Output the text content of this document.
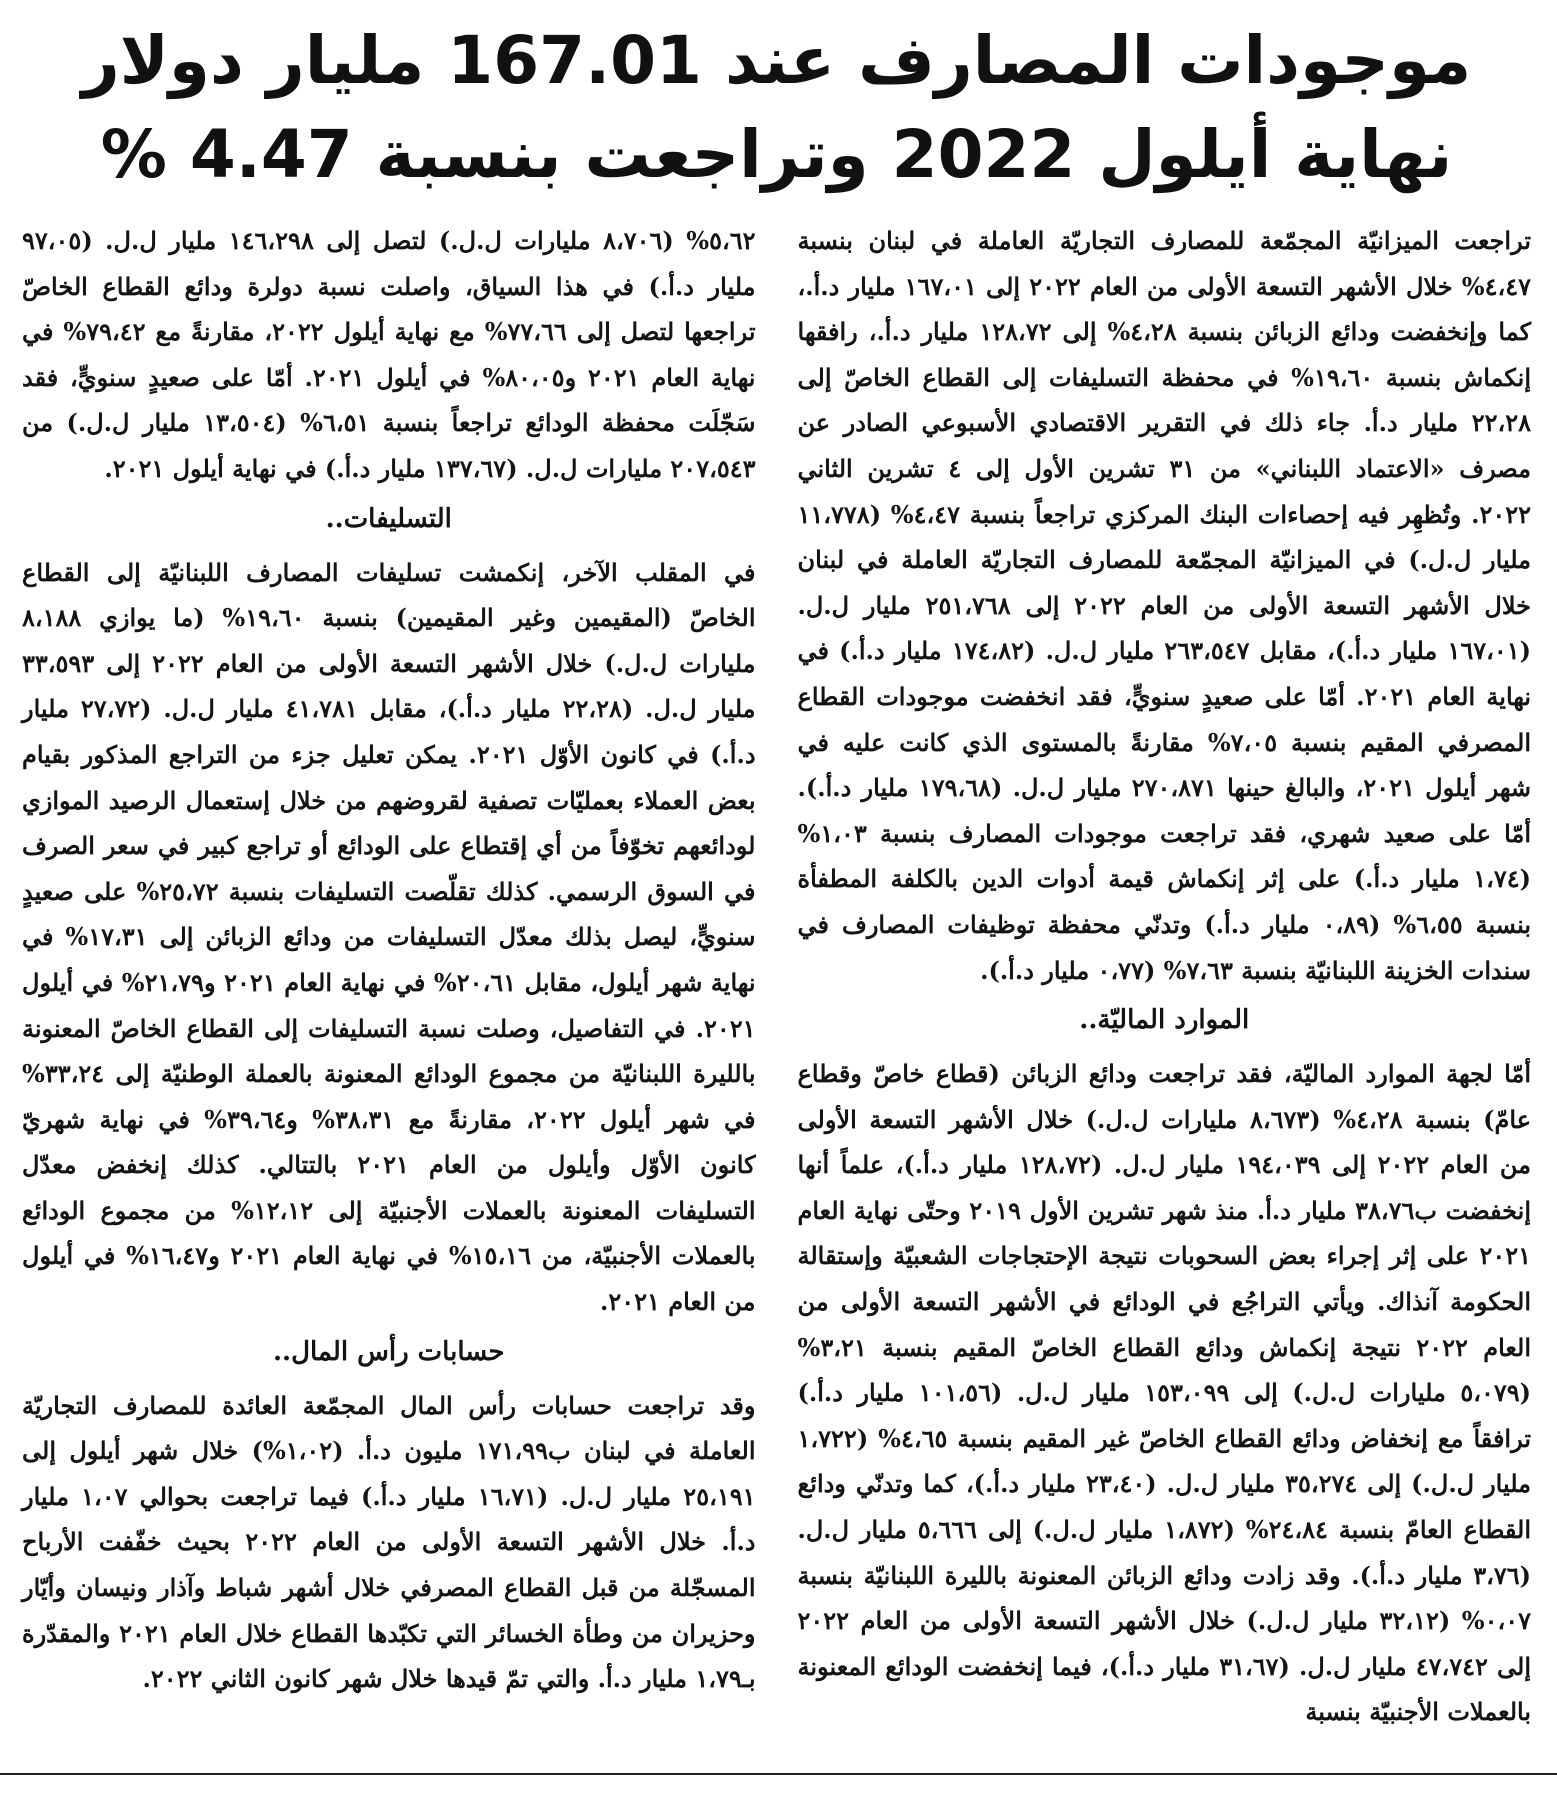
موجودات المصارف عند 167.01 مليار دولار
نهاية أيلول 2022 وتراجعت بنسبة 4.47 %

تراجعت الميزانيّة المجمّعة للمصارف التجاريّة العاملة في لبنان بنسبة ٤،٤٧% خلال الأشهر التسعة الأولى من العام ٢٠٢٢ إلى ١٦٧،٠١ مليار د.أ.، كما وإنخفضت ودائع الزبائن بنسبة ٤،٢٨% إلى ١٢٨،٧٢ مليار د.أ.، رافقها إنكماش بنسبة ١٩،٦٠% في محفظة التسليفات إلى القطاع الخاصّ إلى ٢٢،٢٨ مليار د.أ. جاء ذلك في التقرير الاقتصادي الأسبوعي الصادر عن مصرف «الاعتماد اللبناني» من ٣١ تشرين الأول إلى ٤ تشرين الثاني ٢٠٢٢. وتُظهِر فيه إحصاءات البنك المركزي تراجعاً بنسبة ٤،٤٧% (١١،٧٧٨ مليار ل.ل.) في الميزانيّة المجمّعة للمصارف التجاريّة العاملة في لبنان خلال الأشهر التسعة الأولى من العام ٢٠٢٢ إلى ٢٥١،٧٦٨ مليار ل.ل. (١٦٧،٠١ مليار د.أ.)، مقابل ٢٦٣،٥٤٧ مليار ل.ل. (١٧٤،٨٢ مليار د.أ.) في نهاية العام ٢٠٢١. أمّا على صعيدٍ سنويٍّ، فقد انخفضت موجودات القطاع المصرفي المقيم بنسبة ٧،٠٥% مقارنةً بالمستوى الذي كانت عليه في شهر أيلول ٢٠٢١، والبالغ حينها ٢٧٠،٨٧١ مليار ل.ل. (١٧٩،٦٨ مليار د.أ.). أمّا على صعيد شهري، فقد تراجعت موجودات المصارف بنسبة ١،٠٣% (١،٧٤ مليار د.أ.) على إثر إنكماش قيمة أدوات الدين بالكلفة المطفأة بنسبة ٦،٥٥% (٠،٨٩ مليار د.أ.) وتدنّي محفظة توظيفات المصارف في سندات الخزينة اللبنانيّة بنسبة ٧،٦٣% (٠،٧٧ مليار د.أ.).

الموارد الماليّة..

أمّا لجهة الموارد الماليّة، فقد تراجعت ودائع الزبائن (قطاع خاصّ وقطاع عامّ) بنسبة ٤،٢٨% (٨،٦٧٣ مليارات ل.ل.) خلال الأشهر التسعة الأولى من العام ٢٠٢٢ إلى ١٩٤،٠٣٩ مليار ل.ل. (١٢٨،٧٢ مليار د.أ.)، علماً أنها إنخفضت ب٣٨،٧٦ مليار د.أ. منذ شهر تشرين الأول ٢٠١٩ وحتّى نهاية العام ٢٠٢١ على إثر إجراء بعض السحوبات نتيجة الإحتجاجات الشعبيّة وإستقالة الحكومة آنذاك. ويأتي التراجُع في الودائع في الأشهر التسعة الأولى من العام ٢٠٢٢ نتيجة إنكماش ودائع القطاع الخاصّ المقيم بنسبة ٣،٢١% (٥،٠٧٩ مليارات ل.ل.) إلى ١٥٣،٠٩٩ مليار ل.ل. (١٠١،٥٦ مليار د.أ.) ترافقاً مع إنخفاض ودائع القطاع الخاصّ غير المقيم بنسبة ٤،٦٥% (١،٧٢٢ مليار ل.ل.) إلى ٣٥،٢٧٤ مليار ل.ل. (٢٣،٤٠ مليار د.أ.)، كما وتدنّي ودائع القطاع العامّ بنسبة ٢٤،٨٤% (١،٨٧٢ مليار ل.ل.) إلى ٥،٦٦٦ مليار ل.ل. (٣،٧٦ مليار د.أ.). وقد زادت ودائع الزبائن المعنونة بالليرة اللبنانيّة بنسبة ٠،٠٧% (٣٢،١٢ مليار ل.ل.) خلال الأشهر التسعة الأولى من العام ٢٠٢٢ إلى ٤٧،٧٤٢ مليار ل.ل. (٣١،٦٧ مليار د.أ.)، فيما إنخفضت الودائع المعنونة بالعملات الأجنبيّة بنسبة

٥،٦٢% (٨،٧٠٦ مليارات ل.ل.) لتصل إلى ١٤٦،٢٩٨ مليار ل.ل. (٩٧،٠٥ مليار د.أ.) في هذا السياق، واصلت نسبة دولرة ودائع القطاع الخاصّ تراجعها لتصل إلى ٧٧،٦٦% مع نهاية أيلول ٢٠٢٢، مقارنةً مع ٧٩،٤٢% في نهاية العام ٢٠٢١ و٨٠،٠٥% في أيلول ٢٠٢١. أمّا على صعيدٍ سنويٍّ، فقد سَجّلَت محفظة الودائع تراجعاً بنسبة ٦،٥١% (١٣،٥٠٤ مليار ل.ل.) من ٢٠٧،٥٤٣ مليارات ل.ل. (١٣٧،٦٧ مليار د.أ.) في نهاية أيلول ٢٠٢١.

التسليفات..

في المقلب الآخر، إنكمشت تسليفات المصارف اللبنانيّة إلى القطاع الخاصّ (المقيمين وغير المقيمين) بنسبة ١٩،٦٠% (ما يوازي ٨،١٨٨ مليارات ل.ل.) خلال الأشهر التسعة الأولى من العام ٢٠٢٢ إلى ٣٣،٥٩٣ مليار ل.ل. (٢٢،٢٨ مليار د.أ.)، مقابل ٤١،٧٨١ مليار ل.ل. (٢٧،٧٢ مليار د.أ.) في كانون الأوّل ٢٠٢١. يمكن تعليل جزء من التراجع المذكور بقيام بعض العملاء بعمليّات تصفية لقروضهم من خلال إستعمال الرصيد الموازي لودائعهم تخوّفاً من أي إقتطاع على الودائع أو تراجع كبير في سعر الصرف في السوق الرسمي. كذلك تقلّصت التسليفات بنسبة ٢٥،٧٢% على صعيدٍ سنويٍّ، ليصل بذلك معدّل التسليفات من ودائع الزبائن إلى ١٧،٣١% في نهاية شهر أيلول، مقابل ٢٠،٦١% في نهاية العام ٢٠٢١ و٢١،٧٩% في أيلول ٢٠٢١. في التفاصيل، وصلت نسبة التسليفات إلى القطاع الخاصّ المعنونة بالليرة اللبنانيّة من مجموع الودائع المعنونة بالعملة الوطنيّة إلى ٣٣،٢٤% في شهر أيلول ٢٠٢٢، مقارنةً مع ٣٨،٣١% و٣٩،٦٤% في نهاية شهريّ كانون الأوّل وأيلول من العام ٢٠٢١ بالتتالي. كذلك إنخفض معدّل التسليفات المعنونة بالعملات الأجنبيّة إلى ١٢،١٢% من مجموع الودائع بالعملات الأجنبيّة، من ١٥،١٦% في نهاية العام ٢٠٢١ و١٦،٤٧% في أيلول من العام ٢٠٢١.

حسابات رأس المال..

وقد تراجعت حسابات رأس المال المجمّعة العائدة للمصارف التجاريّة العاملة في لبنان ب١٧١،٩٩ مليون د.أ. (١،٠٢%) خلال شهر أيلول إلى ٢٥،١٩١ مليار ل.ل. (١٦،٧١ مليار د.أ.) فيما تراجعت بحوالي ١،٠٧ مليار د.أ. خلال الأشهر التسعة الأولى من العام ٢٠٢٢ بحيث خفّفت الأرباح المسجّلة من قبل القطاع المصرفي خلال أشهر شباط وآذار ونيسان وأيّار وحزيران من وطأة الخسائر التي تكبّدها القطاع خلال العام ٢٠٢١ والمقدّرة بـ١،٧٩ مليار د.أ. والتي تمّ قيدها خلال شهر كانون الثاني ٢٠٢٢.
